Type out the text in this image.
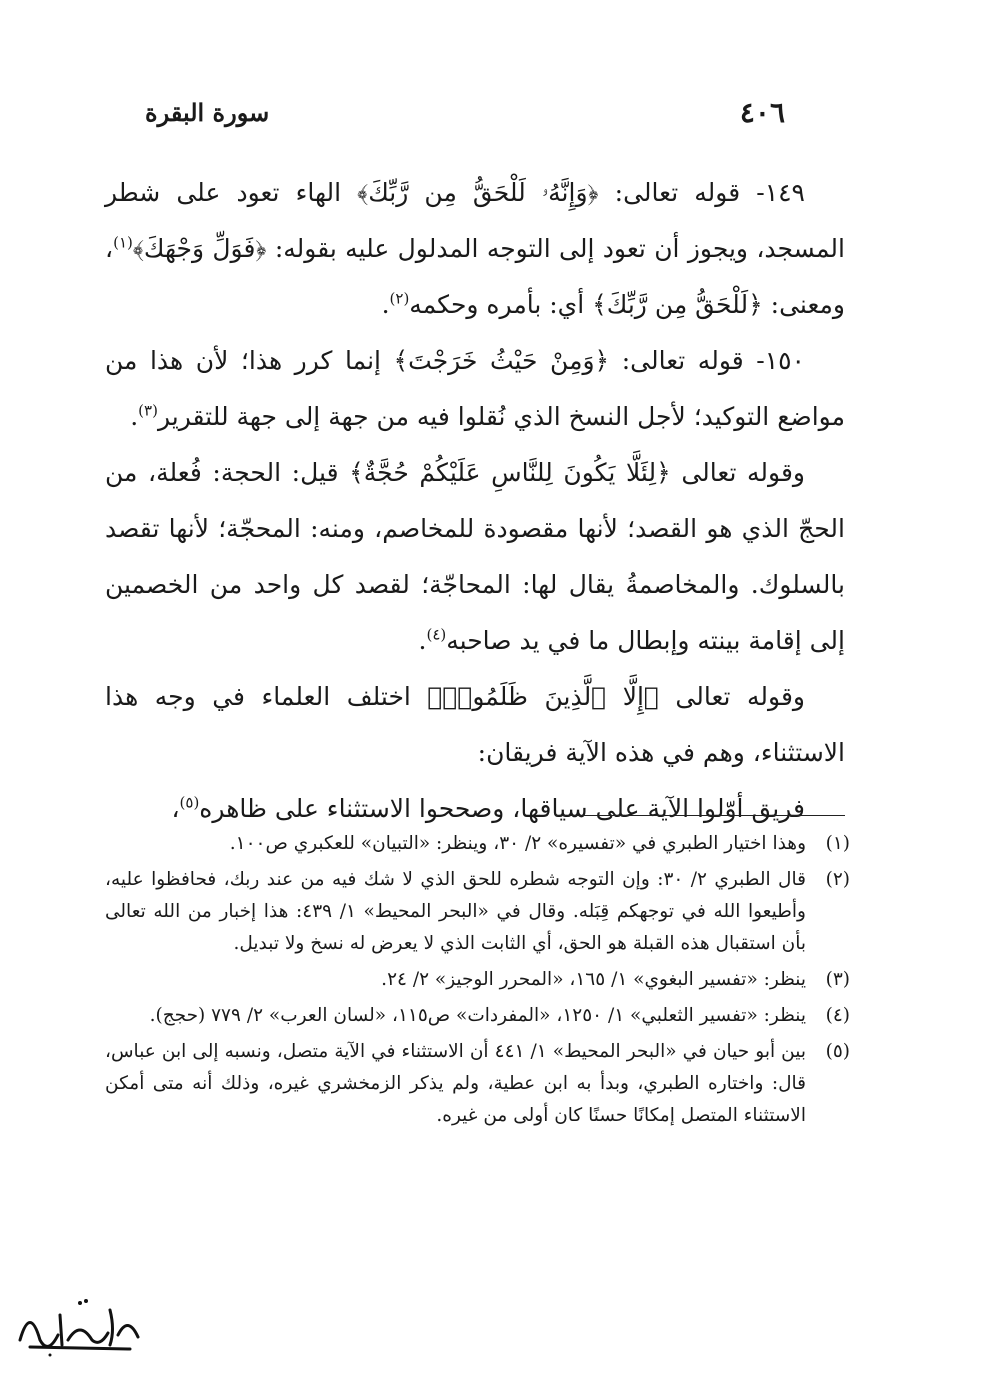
٤٠٦
سورة البقرة

١٤٩- قوله تعالى: ﴿وَإِنَّهُۥ لَلْحَقُّ مِن رَّبِّكَ﴾ الهاء تعود على شطر المسجد، ويجوز أن تعود إلى التوجه المدلول عليه بقوله: ﴿فَوَلِّ وَجْهَكَ﴾$^{(١)}$، ومعنى: ﴿لَلْحَقُّ مِن رَّبِّكَ﴾ أي: بأمره وحكمه$^{(٢)}$.

١٥٠- قوله تعالى: ﴿وَمِنْ حَيْثُ خَرَجْتَ﴾ إنما كرر هذا؛ لأن هذا من مواضع التوكيد؛ لأجل النسخ الذي نُقلوا فيه من جهة إلى جهة للتقرير$^{(٣)}$.

وقوله تعالى ﴿لِئَلَّا يَكُونَ لِلنَّاسِ عَلَيْكُمْ حُجَّةٌ﴾ قيل: الحجة: فُعلة، من الحجّ الذي هو القصد؛ لأنها مقصودة للمخاصم، ومنه: المحجّة؛ لأنها تقصد بالسلوك. والمخاصمةُ يقال لها: المحاجّة؛ لقصد كل واحد من الخصمين إلى إقامة بينته وإبطال ما في يد صاحبه$^{(٤)}$.

وقوله تعالى ﴿إِلَّا ٱلَّذِينَ ظَلَمُوا۟﴾ اختلف العلماء في وجه هذا الاستثناء، وهم في هذه الآية فريقان:

فريق أوّلوا الآية على سياقها، وصححوا الاستثناء على ظاهره$^{(٥)}$،

(١)
وهذا اختيار الطبري في «تفسيره» ٢/ ٣٠، وينظر: «التبيان» للعكبري ص١٠٠.
(٢)
قال الطبري ٢/ ٣٠: وإن التوجه شطره للحق الذي لا شك فيه من عند ربك، فحافظوا عليه، وأطيعوا الله في توجهكم قِبَله. وقال في «البحر المحيط» ١/ ٤٣٩: هذا إخبار من الله تعالى بأن استقبال هذه القبلة هو الحق، أي الثابت الذي لا يعرض له نسخ ولا تبديل.
(٣)
ينظر: «تفسير البغوي» ١/ ١٦٥، «المحرر الوجيز» ٢/ ٢٤.
(٤)
ينظر: «تفسير الثعلبي» ١/ ١٢٥٠، «المفردات» ص١١٥، «لسان العرب» ٢/ ٧٧٩ (حجج).
(٥)
بين أبو حيان في «البحر المحيط» ١/ ٤٤١ أن الاستثناء في الآية متصل، ونسبه إلى ابن عباس، قال: واختاره الطبري، وبدأ به ابن عطية، ولم يذكر الزمخشري غيره، وذلك أنه متى أمكن الاستثناء المتصل إمكانًا حسنًا كان أولى من غيره.
